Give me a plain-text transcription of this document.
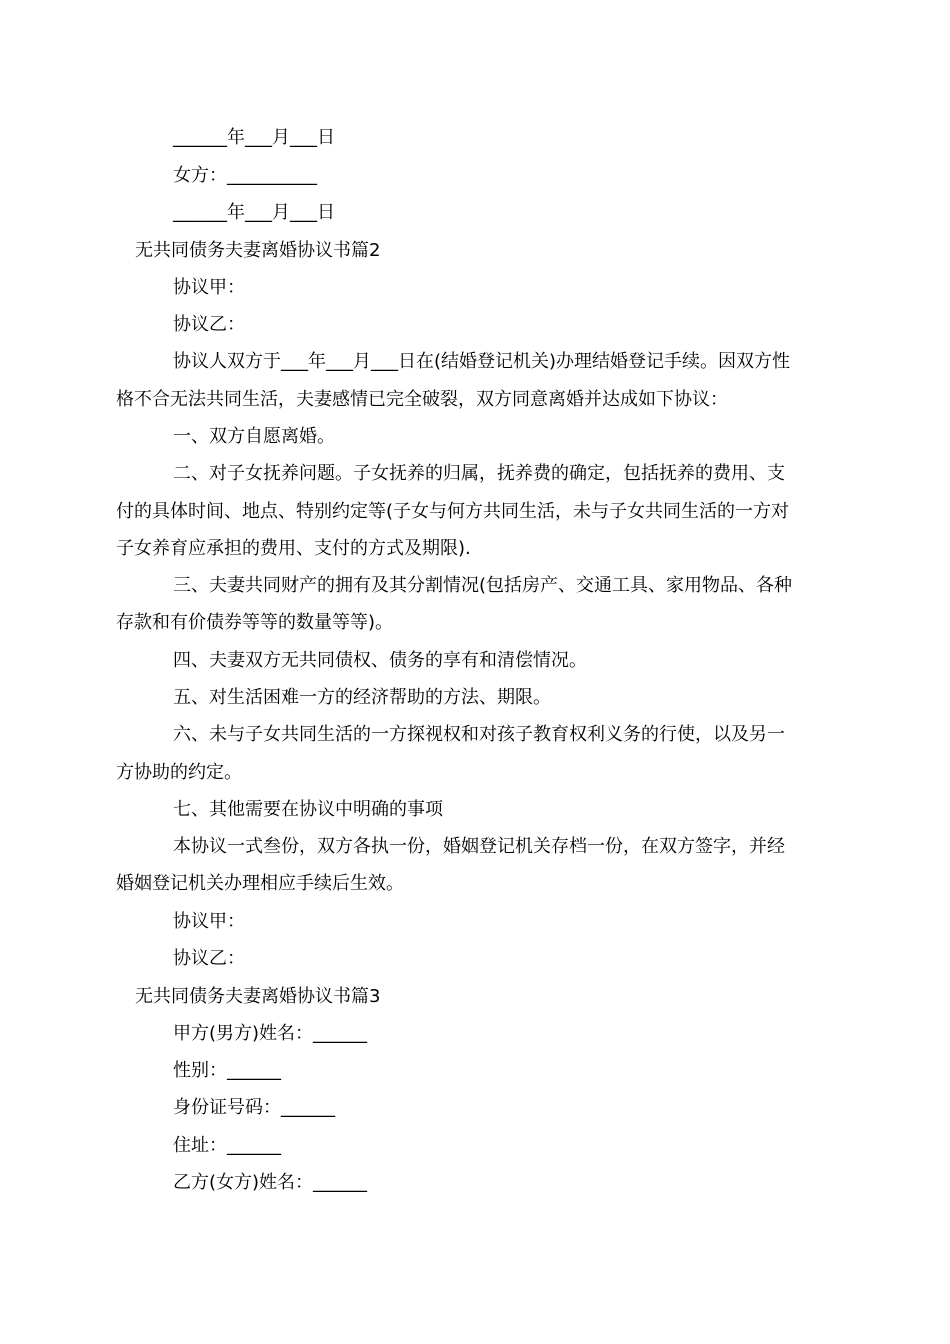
______年___月___日
女方：__________
______年___月___日
无共同债务夫妻离婚协议书篇2
协议甲：
协议乙：
协议人双方于___年___月___日在(结婚登记机关)办理结婚登记手续。因双方性
格不合无法共同生活，夫妻感情已完全破裂，双方同意离婚并达成如下协议：
一、双方自愿离婚。
二、对子女抚养问题。子女抚养的归属，抚养费的确定，包括抚养的费用、支
付的具体时间、地点、特别约定等(子女与何方共同生活，未与子女共同生活的一方对
子女养育应承担的费用、支付的方式及期限).
三、夫妻共同财产的拥有及其分割情况(包括房产、交通工具、家用物品、各种
存款和有价债券等等的数量等等)。
四、夫妻双方无共同债权、债务的享有和清偿情况。
五、对生活困难一方的经济帮助的方法、期限。
六、未与子女共同生活的一方探视权和对孩子教育权利义务的行使，以及另一
方协助的约定。
七、其他需要在协议中明确的事项
本协议一式叁份，双方各执一份，婚姻登记机关存档一份，在双方签字，并经
婚姻登记机关办理相应手续后生效。
协议甲：
协议乙：
无共同债务夫妻离婚协议书篇3
甲方(男方)姓名：______
性别：______
身份证号码：______
住址：______
乙方(女方)姓名：______
